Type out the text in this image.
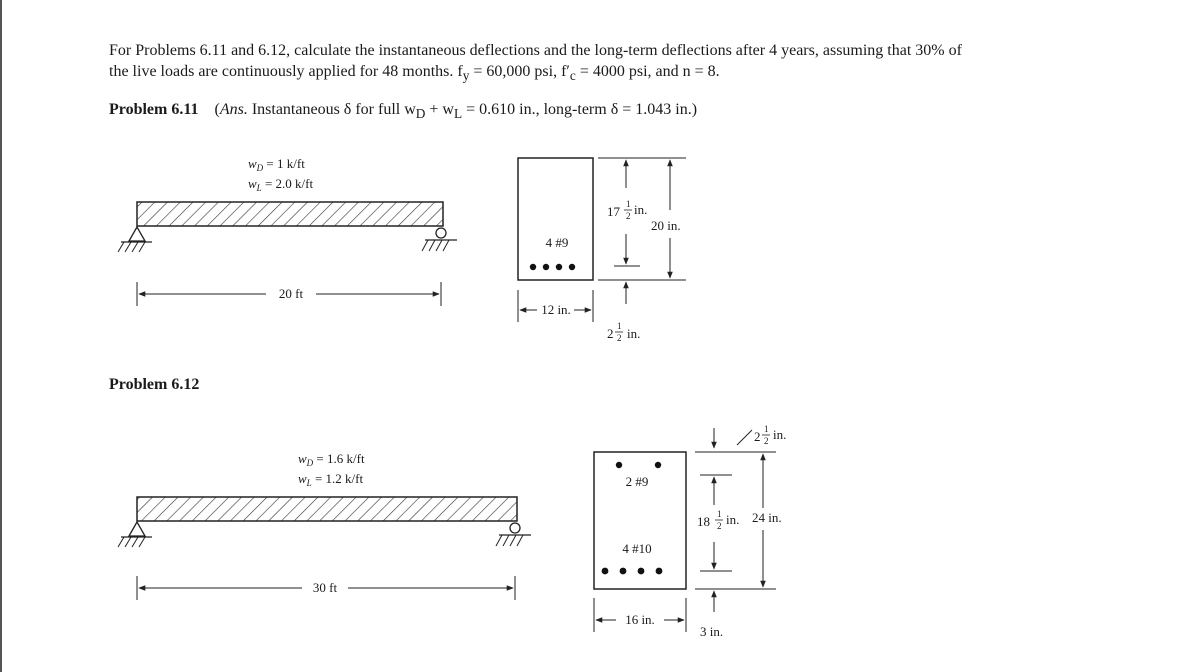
For Problems 6.11 and 6.12, calculate the instantaneous deflections and the long-term deflections after 4 years, assuming that 30% of
the live loads are continuously applied for 48 months. $f_y = 60,000$ psi, $f'_c = 4000$ psi, and n = 8.
Problem 6.11 (Ans. Instantaneous δ for full $w_D + w_L = 0.610$ in., long-term δ = 1.043 in.)
Problem 6.12
$w_D = 1$ k/ft
$w_L = 2.0$ k/ft
20 ft
4 #9
12 in.
17 1
2 in.
20 in.
2 1
2 in.
$w_D = 1.6$ k/ft
$w_L = 1.2$ k/ft
30 ft
2 #9
4 #10
16 in.
2 1
2 in.
18 1
2 in. 24 in.
3 in.
